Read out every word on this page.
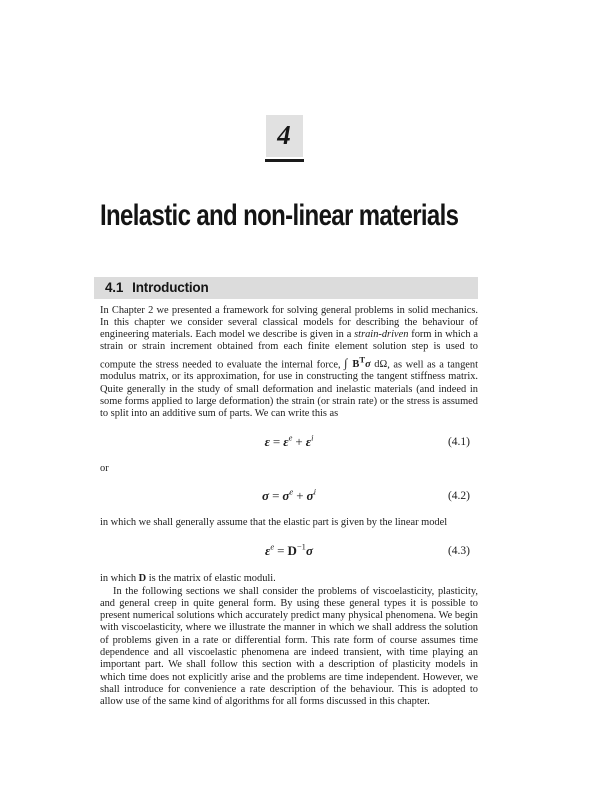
4
Inelastic and non-linear materials
4.1 Introduction

In Chapter 2 we presented a framework for solving general problems in solid mechanics. In this chapter we consider several classical models for describing the behaviour of engineering materials. Each model we describe is given in a strain-driven form in which a strain or strain increment obtained from each finite element solution step is used to compute the stress needed to evaluate the internal force, ∫ $B^T\sigma$ dΩ, as well as a tangent modulus matrix, or its approximation, for use in constructing the tangent stiffness matrix. Quite generally in the study of small deformation and inelastic materials (and indeed in some forms applied to large deformation) the strain (or strain rate) or the stress is assumed to split into an additive sum of parts. We can write this as

$\varepsilon = \varepsilon^e + \varepsilon^i$	(4.1)

or

$\sigma = \sigma^e + \sigma^i$	(4.2)

in which we shall generally assume that the elastic part is given by the linear model

$\varepsilon^e = D^{-1}\sigma$	(4.3)

in which D is the matrix of elastic moduli.

In the following sections we shall consider the problems of viscoelasticity, plasticity, and general creep in quite general form. By using these general types it is possible to present numerical solutions which accurately predict many physical phenomena. We begin with viscoelasticity, where we illustrate the manner in which we shall address the solution of problems given in a rate or differential form. This rate form of course assumes time dependence and all viscoelastic phenomena are indeed transient, with time playing an important part. We shall follow this section with a description of plasticity models in which time does not explicitly arise and the problems are time independent. However, we shall introduce for convenience a rate description of the behaviour. This is adopted to allow use of the same kind of algorithms for all forms discussed in this chapter.
